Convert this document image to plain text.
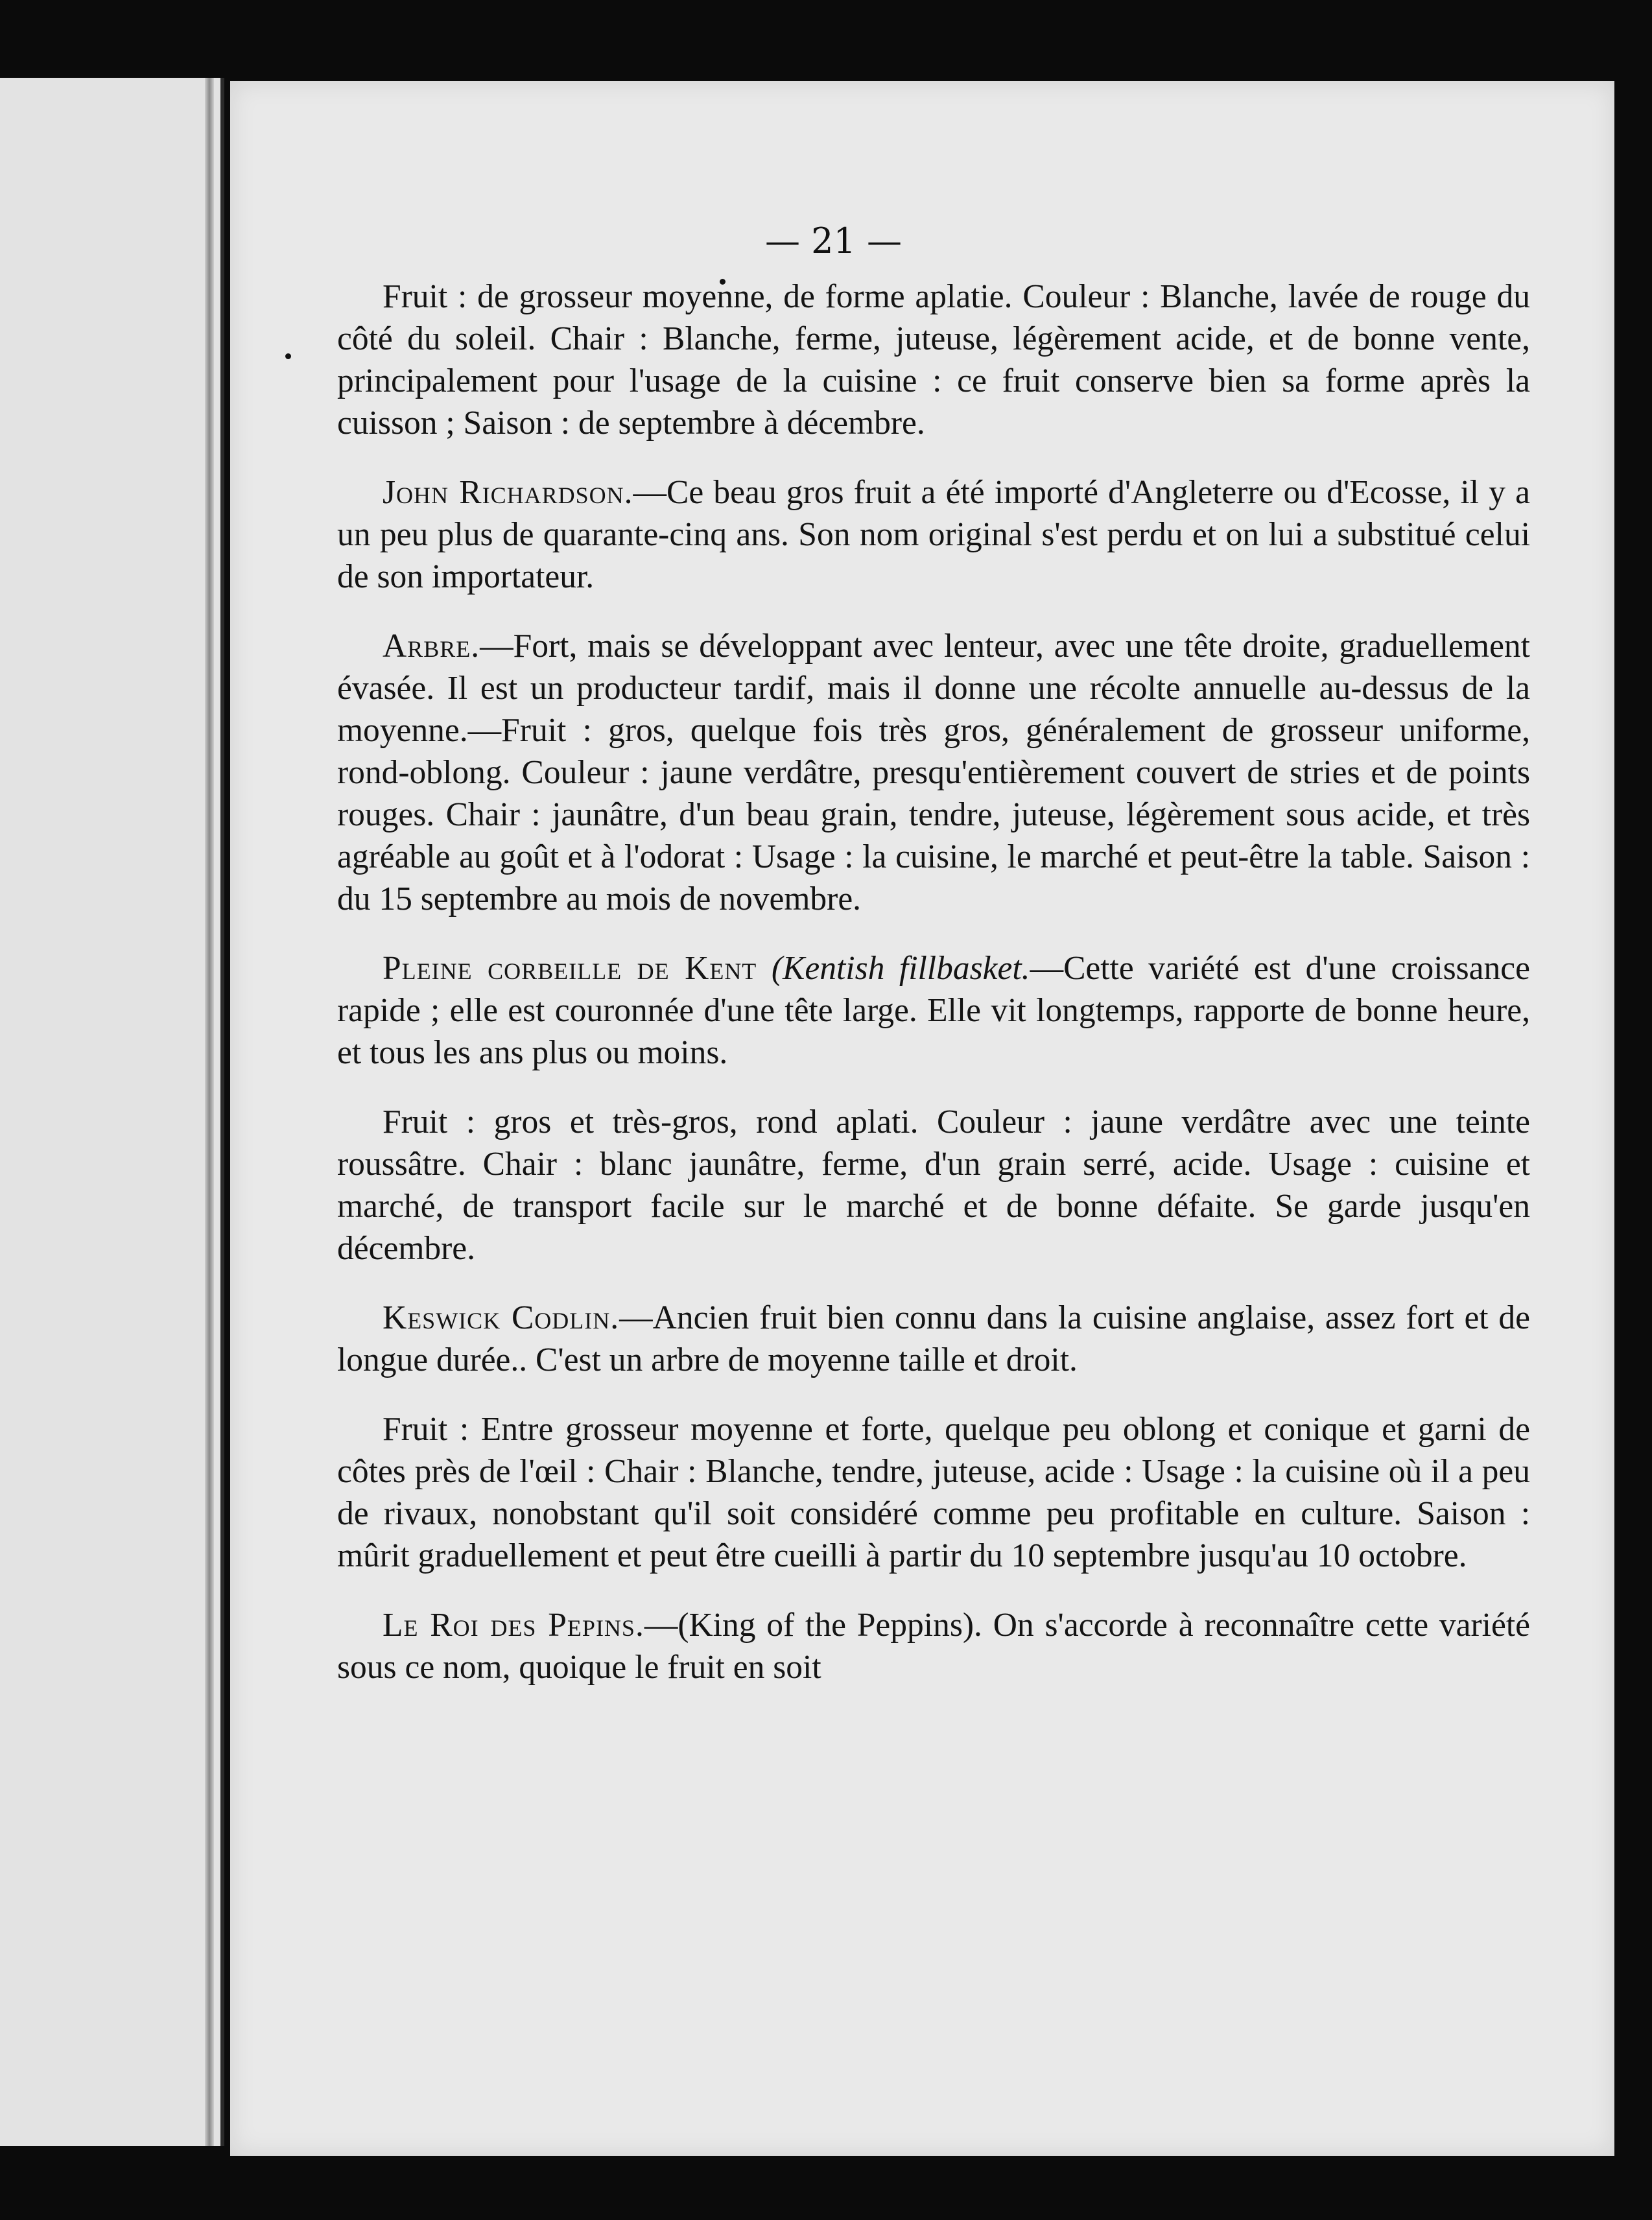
— 21 —

Fruit : de grosseur moyenne, de forme aplatie. Couleur : Blanche, lavée de rouge du côté du soleil. Chair : Blanche, ferme, juteuse, légèrement acide, et de bonne vente, principalement pour l'usage de la cuisine : ce fruit conserve bien sa forme après la cuisson ; Saison : de septembre à décembre.

John Richardson.—Ce beau gros fruit a été importé d'Angleterre ou d'Ecosse, il y a un peu plus de quarante-cinq ans. Son nom original s'est perdu et on lui a substitué celui de son importateur.

Arbre.—Fort, mais se développant avec lenteur, avec une tête droite, graduellement évasée. Il est un producteur tardif, mais il donne une récolte annuelle au-dessus de la moyenne.—Fruit : gros, quelque fois très gros, généralement de grosseur uniforme, rond-oblong. Couleur : jaune verdâtre, presqu'entièrement couvert de stries et de points rouges. Chair : jaunâtre, d'un beau grain, tendre, juteuse, légèrement sous acide, et très agréable au goût et à l'odorat : Usage : la cuisine, le marché et peut-être la table. Saison : du 15 septembre au mois de novembre.

Pleine corbeille de Kent (Kentish fillbasket.—Cette variété est d'une croissance rapide ; elle est couronnée d'une tête large. Elle vit longtemps, rapporte de bonne heure, et tous les ans plus ou moins.

Fruit : gros et très-gros, rond aplati. Couleur : jaune verdâtre avec une teinte roussâtre. Chair : blanc jaunâtre, ferme, d'un grain serré, acide. Usage : cuisine et marché, de transport facile sur le marché et de bonne défaite. Se garde jusqu'en décembre.

Keswick Codlin.—Ancien fruit bien connu dans la cuisine anglaise, assez fort et de longue durée.. C'est un arbre de moyenne taille et droit.

Fruit : Entre grosseur moyenne et forte, quelque peu oblong et conique et garni de côtes près de l'œil : Chair : Blanche, tendre, juteuse, acide : Usage : la cuisine où il a peu de rivaux, nonobstant qu'il soit considéré comme peu profitable en culture. Saison : mûrit graduellement et peut être cueilli à partir du 10 septembre jusqu'au 10 octobre.

Le Roi des Pepins.—(King of the Peppins). On s'accorde à reconnaître cette variété sous ce nom, quoique le fruit en soit
